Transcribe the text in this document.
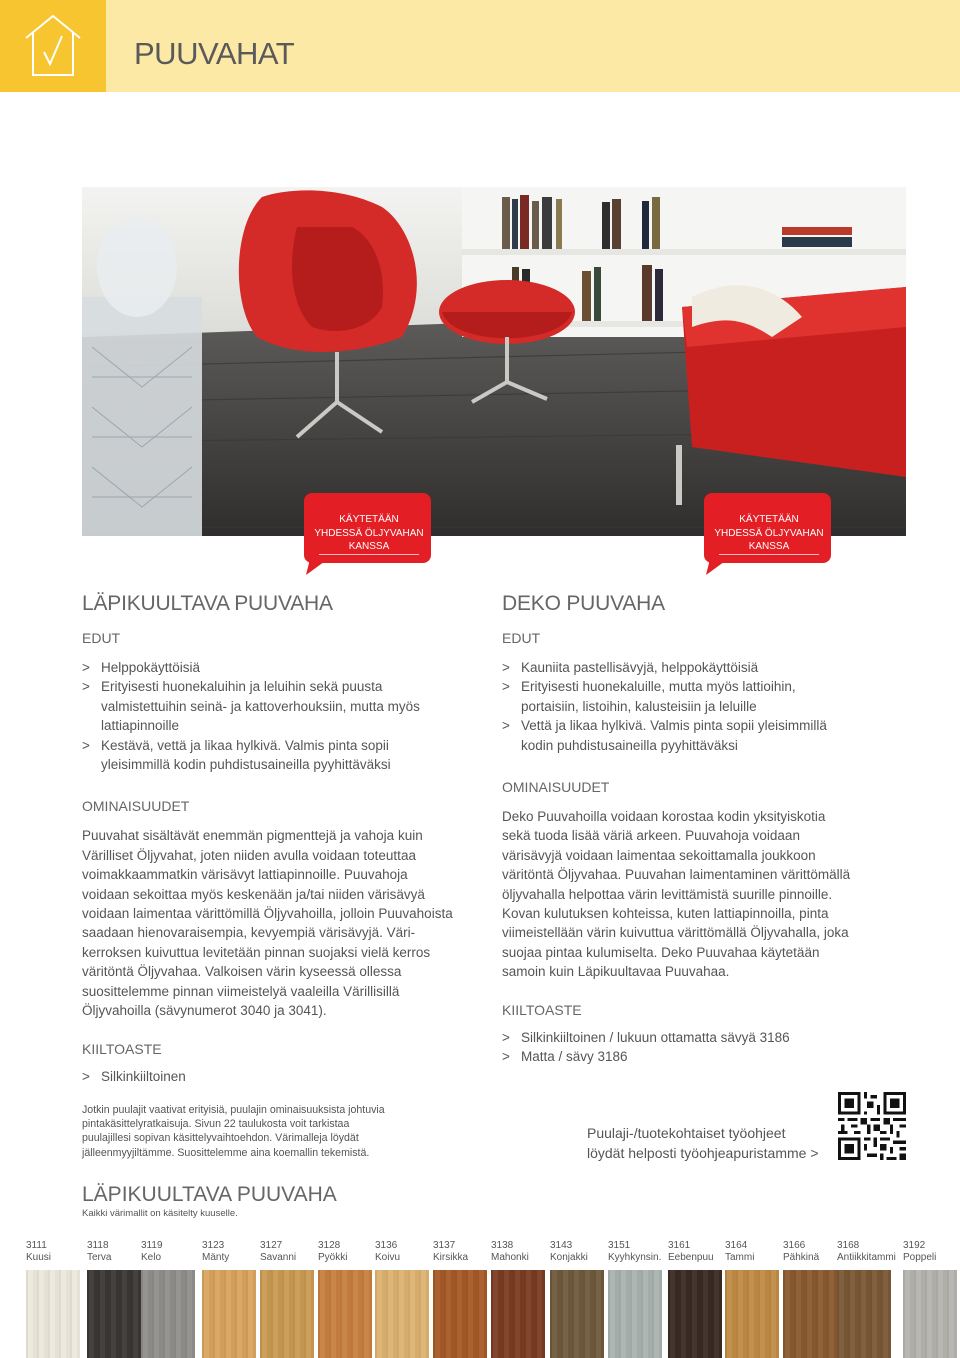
PUUVAHAT
KÄYTETÄÄN
YHDESSÄ ÖLJYVAHAN
KANSSA
KÄYTETÄÄN
YHDESSÄ ÖLJYVAHAN
KANSSA
LÄPIKUULTAVA PUUVAHA
EDUT
> Helppokäyttöisiä
> Erityisesti huonekaluihin ja leluihin sekä puusta
valmistettuihin seinä- ja kattoverhouksiin, mutta myös
lattiapinnoille
> Kestävä, vettä ja likaa hylkivä. Valmis pinta sopii
yleisimmillä kodin puhdistusaineilla pyyhittäväksi
OMINAISUUDET
Puuvahat sisältävät enemmän pigmenttejä ja vahoja kuin
Värilliset Öljyvahat, joten niiden avulla voidaan toteuttaa
voimakkaammatkin värisävyt lattiapinnoille. Puuvahoja
voidaan sekoittaa myös keskenään ja/tai niiden värisävyä
voidaan laimentaa värittömillä Öljyvahoilla, jolloin Puuvahoista
saadaan hienovaraisempia, kevyempiä värisävyjä. Väri-
kerroksen kuivuttua levitetään pinnan suojaksi vielä kerros
väritöntä Öljyvahaa. Valkoisen värin kyseessä ollessa
suosittelemme pinnan viimeistelyä vaaleilla Värillisillä
Öljyvahoilla (sävynumerot 3040 ja 3041).
KIILTOASTE
> Silkinkiiltoinen
DEKO PUUVAHA
EDUT
> Kauniita pastellisävyjä, helppokäyttöisiä
> Erityisesti huonekaluille, mutta myös lattioihin,
portaisiin, listoihin, kalusteisiin ja leluille
> Vettä ja likaa hylkivä. Valmis pinta sopii yleisimmillä
kodin puhdistusaineilla pyyhittäväksi
OMINAISUUDET
Deko Puuvahoilla voidaan korostaa kodin yksityiskotia
sekä tuoda lisää väriä arkeen. Puuvahoja voidaan
värisävyjä voidaan laimentaa sekoittamalla joukkoon
väritöntä Öljyvahaa. Puuvahan laimentaminen värittömällä
öljyvahalla helpottaa värin levittämistä suurille pinnoille.
Kovan kulutuksen kohteissa, kuten lattiapinnoilla, pinta
viimeistellään värin kuivuttua värittömällä Öljyvahalla, joka
suojaa pintaa kulumiselta. Deko Puuvahaa käytetään
samoin kuin Läpikuultavaa Puuvahaa.
KIILTOASTE
> Silkinkiiltoinen / lukuun ottamatta sävyä 3186
> Matta / sävy 3186
Jotkin puulajit vaativat erityisiä, puulajin ominaisuuksista johtuvia
pintakäsittelyratkaisuja. Sivun 22 taulukosta voit tarkistaa
puulajillesi sopivan käsittelyvaihtoehdon. Värimalleja löydät
jälleenmyyjiltämme. Suosittelemme aina koemallin tekemistä.
Puulaji-/tuotekohtaiset työohjeet
löydät helposti työohjeapuristamme >
LÄPIKUULTAVA PUUVAHA
Kaikki värimallit on käsitelty kuuselle.
3111
Kuusi
3118
Terva
3119
Kelo
3123
Mänty
3127
Savanni
3128
Pyökki
3136
Koivu
3137
Kirsikka
3138
Mahonki
3143
Konjakki
3151
Kyyhkynsin.
3161
Eebenpuu
3164
Tammi
3166
Pähkinä
3168
Antiikkitammi
3192
Poppeli
